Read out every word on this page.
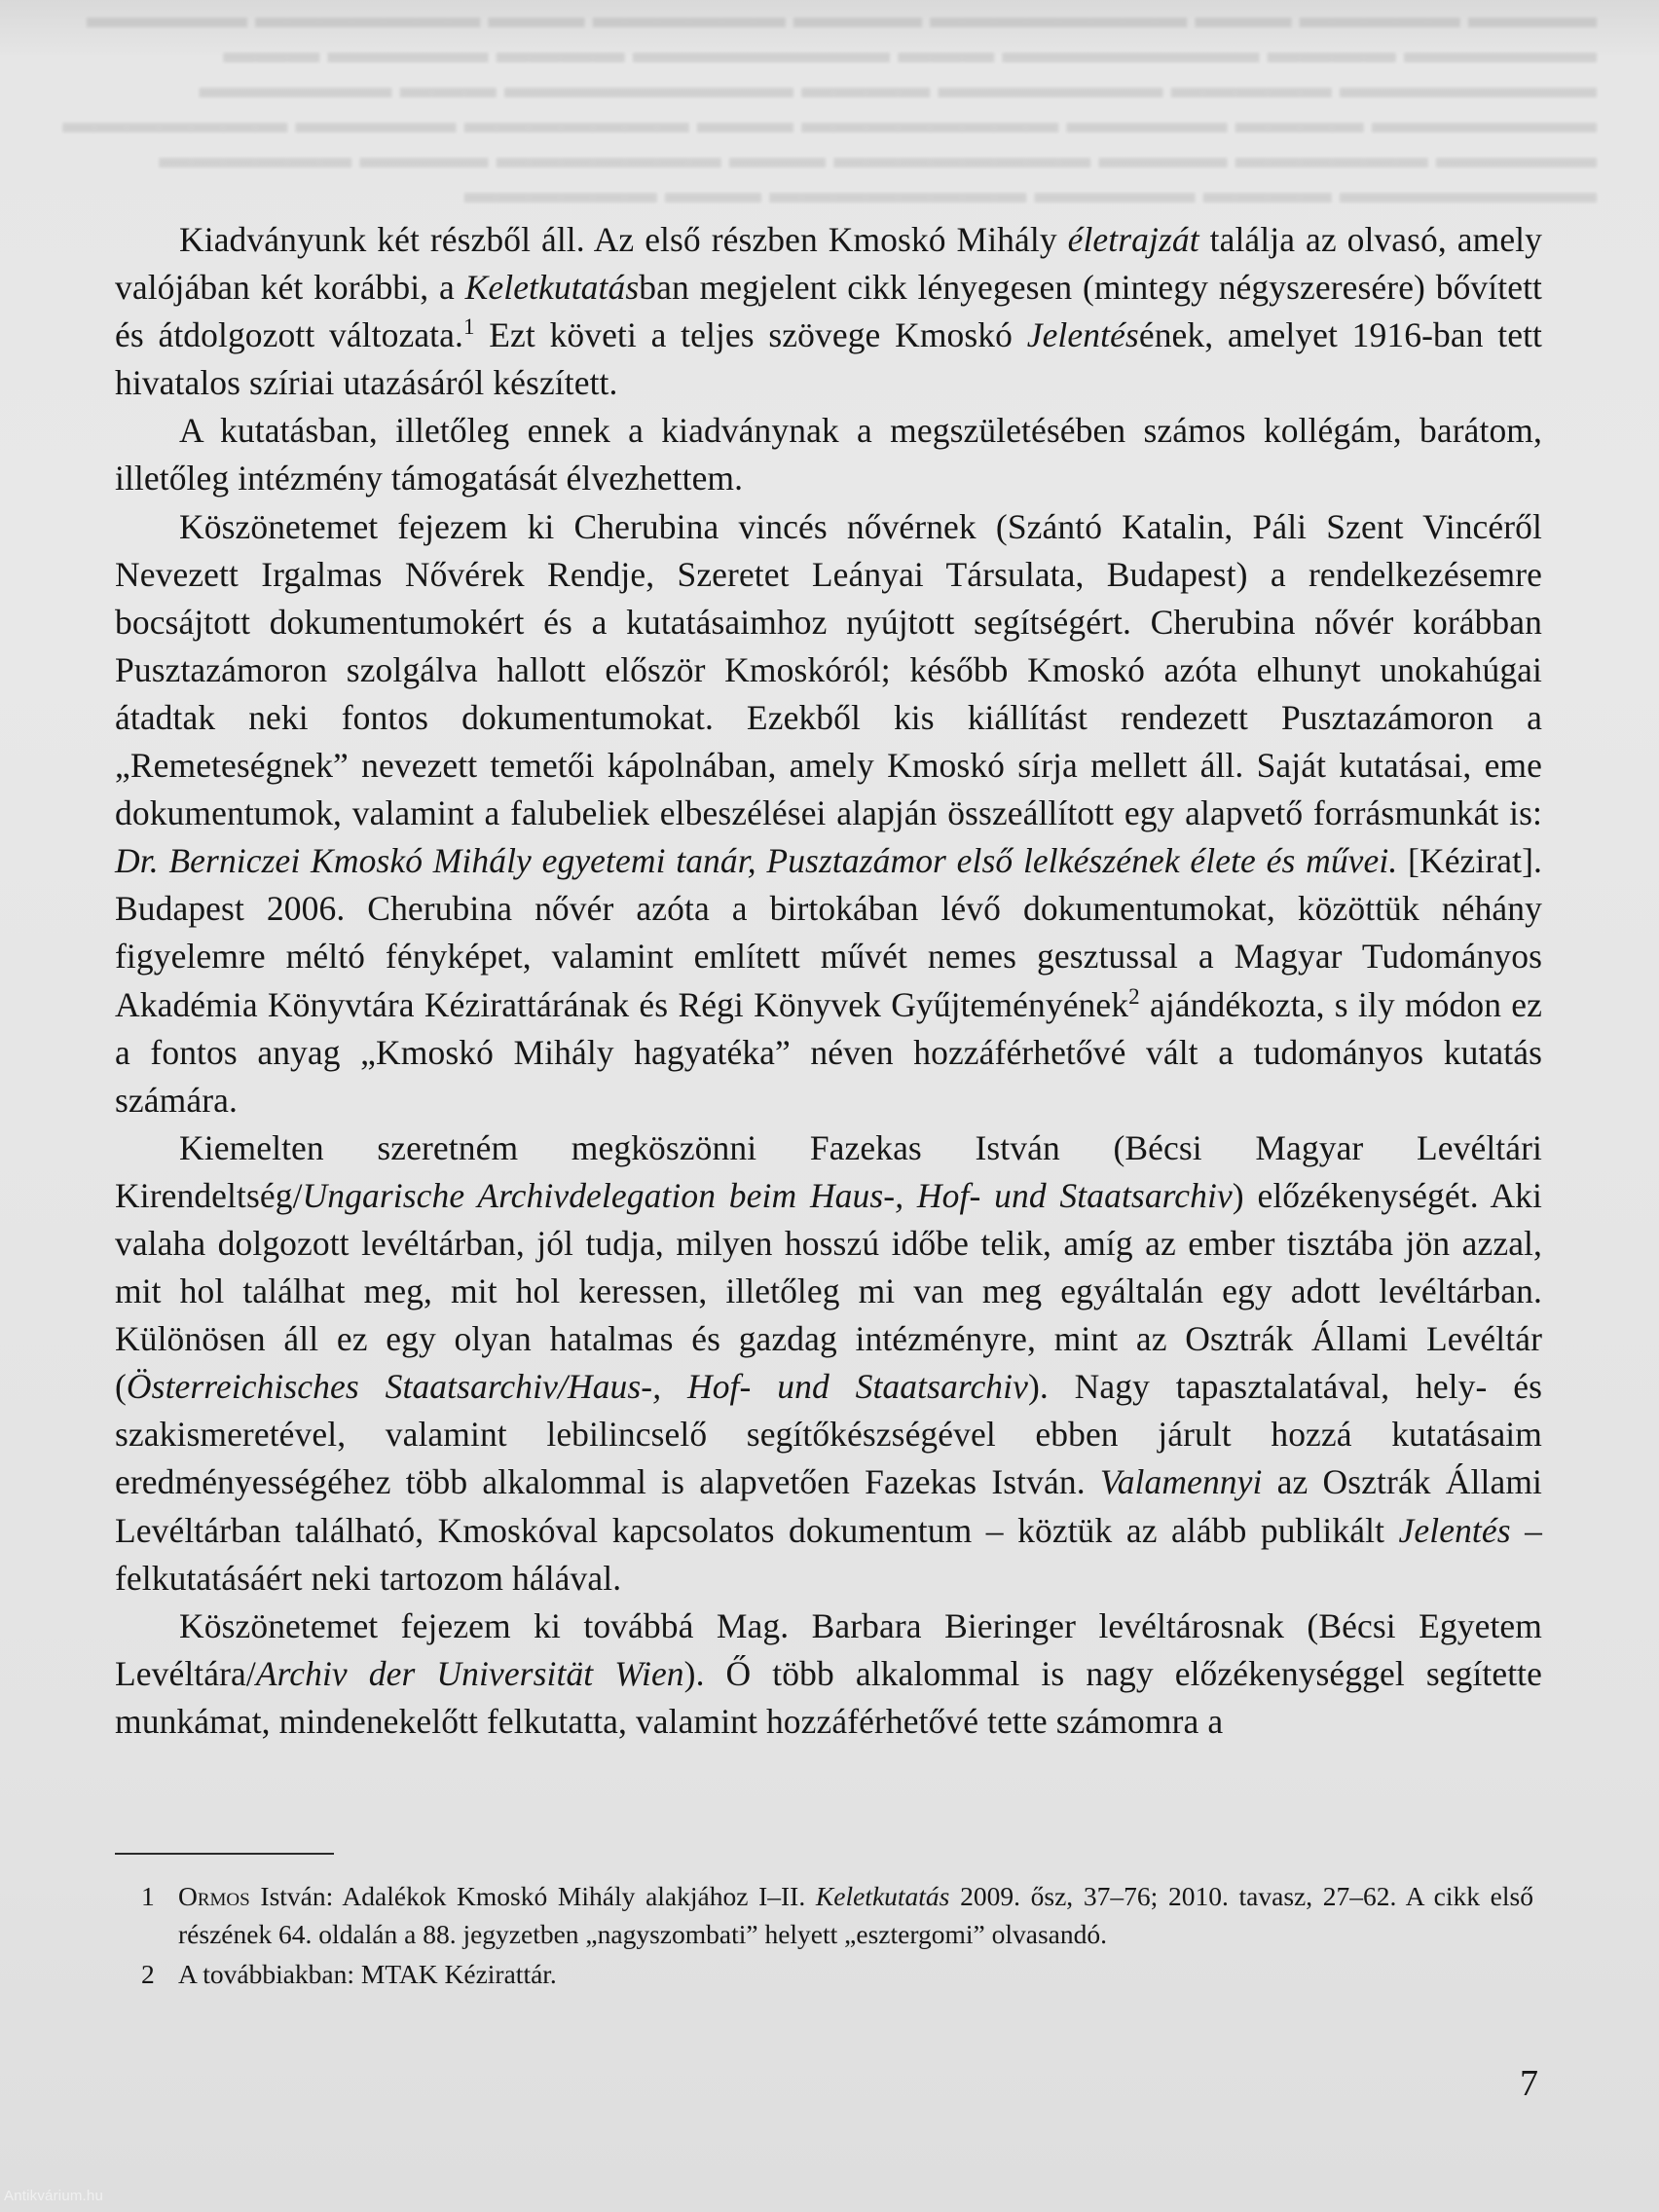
▬▬▬▬ ▬▬▬▬▬ ▬▬▬ ▬▬▬▬▬▬▬▬ ▬▬▬▬ ▬▬▬▬▬▬ ▬▬▬ ▬▬▬▬▬▬▬ ▬▬▬▬▬ ▬▬▬▬▬▬ ▬▬▬▬ ▬▬▬▬▬▬▬▬ ▬▬▬ ▬▬▬▬▬▬▬▬ ▬▬▬▬ ▬▬▬▬▬ ▬▬▬ ▬▬▬▬▬▬▬▬ ▬▬▬▬▬ ▬▬▬▬▬▬▬ ▬▬▬▬ ▬▬▬▬▬▬▬▬▬ ▬▬▬ ▬▬▬▬▬▬ ▬▬▬▬▬▬▬ ▬▬▬▬ ▬▬▬▬▬ ▬▬▬▬▬▬▬▬ ▬▬▬ ▬▬▬▬▬▬▬ ▬▬▬▬▬ ▬▬▬▬▬▬▬ ▬▬▬▬▬ ▬▬▬▬▬▬ ▬▬▬▬ ▬▬▬▬▬▬▬▬ ▬▬▬ ▬▬▬▬▬▬▬ ▬▬▬▬ ▬▬▬▬▬▬ ▬▬▬▬▬▬▬▬ ▬▬▬▬ ▬▬▬▬▬ ▬▬▬▬▬▬▬▬ ▬▬▬ ▬▬▬▬▬▬

Kiadványunk két részből áll. Az első részben Kmoskó Mihály életrajzát találja az olvasó, amely valójában két korábbi, a Keletkutatásban megjelent cikk lényegesen (mintegy négyszeresére) bővített és átdolgozott változata.$^1$ Ezt követi a teljes szövege Kmoskó Jelentésének, amelyet 1916-ban tett hivatalos szíriai utazásáról készített.

A kutatásban, illetőleg ennek a kiadványnak a megszületésében számos kollégám, barátom, illetőleg intézmény támogatását élvezhettem.

Köszönetemet fejezem ki Cherubina vincés nővérnek (Szántó Katalin, Páli Szent Vincéről Nevezett Irgalmas Nővérek Rendje, Szeretet Leányai Társulata, Budapest) a rendelkezésemre bocsájtott dokumentumokért és a kutatásaimhoz nyújtott segítségért. Cherubina nővér korábban Pusztazámoron szolgálva hallott először Kmoskóról; később Kmoskó azóta elhunyt unokahúgai átadtak neki fontos dokumentumokat. Ezekből kis kiállítást rendezett Pusztazámoron a „Remeteségnek” nevezett temetői kápolnában, amely Kmoskó sírja mellett áll. Saját kutatásai, eme dokumentumok, valamint a falubeliek elbeszélései alapján összeállított egy alapvető forrásmunkát is: Dr. Berniczei Kmoskó Mihály egyetemi tanár, Pusztazámor első lelkészének élete és művei. [Kézirat]. Budapest 2006. Cherubina nővér azóta a birtokában lévő dokumentumokat, közöttük néhány figyelemre méltó fényképet, valamint említett művét nemes gesztussal a Magyar Tudományos Akadémia Könyvtára Kézirattárának és Régi Könyvek Gyűjteményének$^2$ ajándékozta, s ily módon ez a fontos anyag „Kmoskó Mihály hagyatéka” néven hozzáférhetővé vált a tudományos kutatás számára.

Kiemelten szeretném megköszönni Fazekas István (Bécsi Magyar Levéltári Kirendeltség/Ungarische Archivdelegation beim Haus-, Hof- und Staatsarchiv) előzékenységét. Aki valaha dolgozott levéltárban, jól tudja, milyen hosszú időbe telik, amíg az ember tisztába jön azzal, mit hol találhat meg, mit hol keressen, illetőleg mi van meg egyáltalán egy adott levéltárban. Különösen áll ez egy olyan hatalmas és gazdag intézményre, mint az Osztrák Állami Levéltár (Österreichisches Staatsarchiv/Haus-, Hof- und Staatsarchiv). Nagy tapasztalatával, hely- és szakismeretével, valamint lebilincselő segítőkészségével ebben járult hozzá kutatásaim eredményességéhez több alkalommal is alapvetően Fazekas István. Valamennyi az Osztrák Állami Levéltárban található, Kmoskóval kapcsolatos dokumentum – köztük az alább publikált Jelentés – felkutatásáért neki tartozom hálával.

Köszönetemet fejezem ki továbbá Mag. Barbara Bieringer levéltárosnak (Bécsi Egyetem Levéltára/Archiv der Universität Wien). Ő több alkalommal is nagy előzékenységgel segítette munkámat, mindenekelőtt felkutatta, valamint hozzáférhetővé tette számomra a

1 Ormos István: Adalékok Kmoskó Mihály alakjához I–II. Keletkutatás 2009. ősz, 37–76; 2010. tavasz, 27–62. A cikk első részének 64. oldalán a 88. jegyzetben „nagyszombati” helyett „esztergomi” olvasandó.

2 A továbbiakban: MTAK Kézirattár.

7
Antikvárium.hu
